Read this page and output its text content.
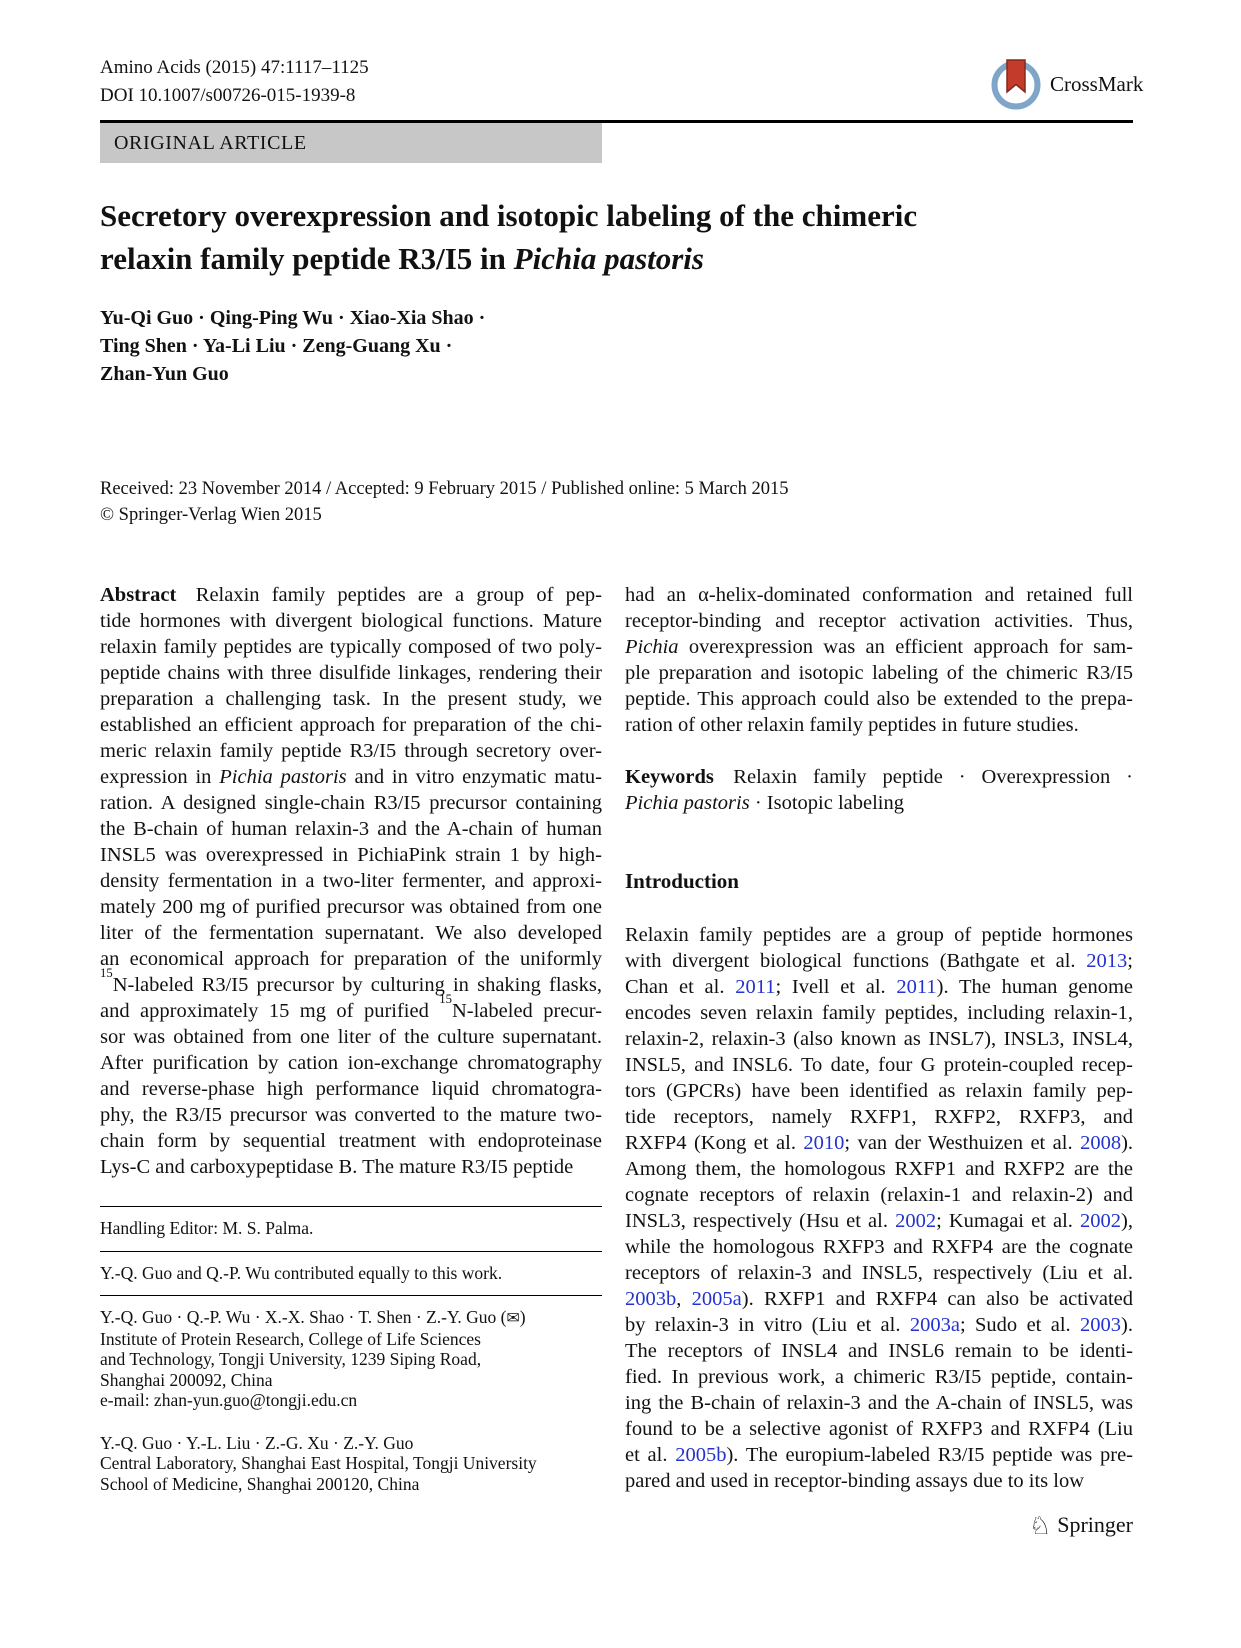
Amino Acids (2015) 47:1117–1125
DOI 10.1007/s00726-015-1939-8	CrossMark
ORIGINAL ARTICLE
Secretory overexpression and isotopic labeling of the chimeric
relaxin family peptide R3/I5 in Pichia pastoris
Yu-Qi Guo · Qing-Ping Wu · Xiao-Xia Shao ·
Ting Shen · Ya-Li Liu · Zeng-Guang Xu ·
Zhan-Yun Guo
Received: 23 November 2014 / Accepted: 9 February 2015 / Published online: 5 March 2015
© Springer-Verlag Wien 2015
Abstract Relaxin family peptides are a group of pep-
tide hormones with divergent biological functions. Mature
relaxin family peptides are typically composed of two poly-
peptide chains with three disulfide linkages, rendering their
preparation a challenging task. In the present study, we
established an efficient approach for preparation of the chi-
meric relaxin family peptide R3/I5 through secretory over-
expression in Pichia pastoris and in vitro enzymatic matu-
ration. A designed single-chain R3/I5 precursor containing
the B-chain of human relaxin-3 and the A-chain of human
INSL5 was overexpressed in PichiaPink strain 1 by high-
density fermentation in a two-liter fermenter, and approxi-
mately 200 mg of purified precursor was obtained from one
liter of the fermentation supernatant. We also developed
an economical approach for preparation of the uniformly
$^{15}$N-labeled R3/I5 precursor by culturing in shaking flasks,
and approximately 15 mg of purified $^{15}$N-labeled precur-
sor was obtained from one liter of the culture supernatant.
After purification by cation ion-exchange chromatography
and reverse-phase high performance liquid chromatogra-
phy, the R3/I5 precursor was converted to the mature two-
chain form by sequential treatment with endoproteinase
Lys-C and carboxypeptidase B. The mature R3/I5 peptide
had an α-helix-dominated conformation and retained full
receptor-binding and receptor activation activities. Thus,
Pichia overexpression was an efficient approach for sam-
ple preparation and isotopic labeling of the chimeric R3/I5
peptide. This approach could also be extended to the prepa-
ration of other relaxin family peptides in future studies.
Keywords Relaxin family peptide · Overexpression ·
Pichia pastoris · Isotopic labeling
Introduction
Relaxin family peptides are a group of peptide hormones
with divergent biological functions (Bathgate et al. 2013;
Chan et al. 2011; Ivell et al. 2011). The human genome
encodes seven relaxin family peptides, including relaxin-1,
relaxin-2, relaxin-3 (also known as INSL7), INSL3, INSL4,
INSL5, and INSL6. To date, four G protein-coupled recep-
tors (GPCRs) have been identified as relaxin family pep-
tide receptors, namely RXFP1, RXFP2, RXFP3, and
RXFP4 (Kong et al. 2010; van der Westhuizen et al. 2008).
Among them, the homologous RXFP1 and RXFP2 are the
cognate receptors of relaxin (relaxin-1 and relaxin-2) and
INSL3, respectively (Hsu et al. 2002; Kumagai et al. 2002),
while the homologous RXFP3 and RXFP4 are the cognate
receptors of relaxin-3 and INSL5, respectively (Liu et al.
2003b, 2005a). RXFP1 and RXFP4 can also be activated
by relaxin-3 in vitro (Liu et al. 2003a; Sudo et al. 2003).
The receptors of INSL4 and INSL6 remain to be identi-
fied. In previous work, a chimeric R3/I5 peptide, contain-
ing the B-chain of relaxin-3 and the A-chain of INSL5, was
found to be a selective agonist of RXFP3 and RXFP4 (Liu
et al. 2005b). The europium-labeled R3/I5 peptide was pre-
pared and used in receptor-binding assays due to its low
Handling Editor: M. S. Palma.
Y.-Q. Guo and Q.-P. Wu contributed equally to this work.
Y.-Q. Guo · Q.-P. Wu · X.-X. Shao · T. Shen · Z.-Y. Guo (✉)
Institute of Protein Research, College of Life Sciences
and Technology, Tongji University, 1239 Siping Road,
Shanghai 200092, China
e-mail: zhan-yun.guo@tongji.edu.cn
Y.-Q. Guo · Y.-L. Liu · Z.-G. Xu · Z.-Y. Guo
Central Laboratory, Shanghai East Hospital, Tongji University
School of Medicine, Shanghai 200120, China
♘ Springer
